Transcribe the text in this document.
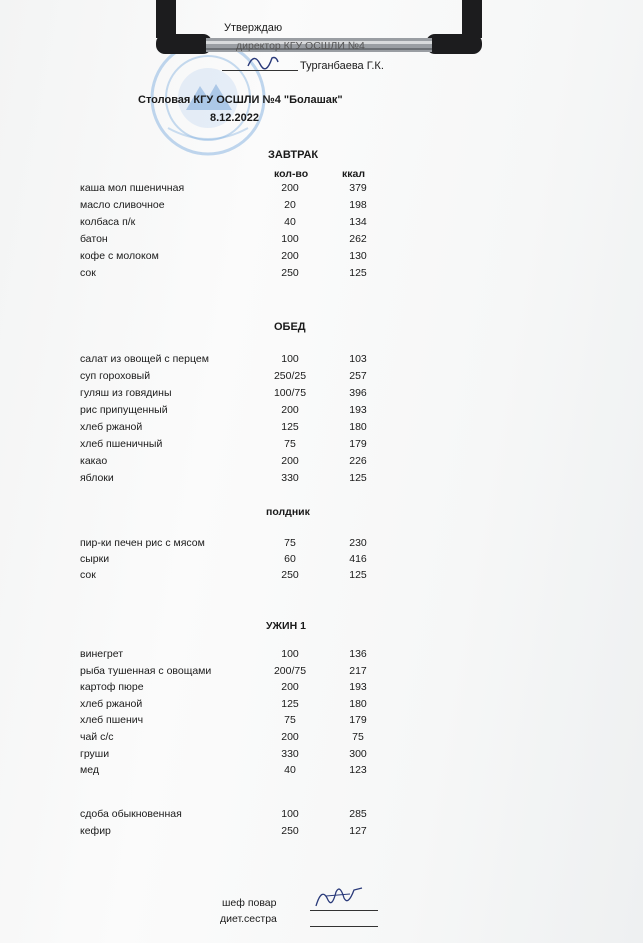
Утверждаю
директор КГУ ОСШЛИ №4
Турганбаева Г.К.
Столовая КГУ ОСШЛИ №4 "Болашак"
8.12.2022
ЗАВТРАК
кол-во	ккал
каша мол пшеничная	200	379
масло сливочное	20	198
колбаса п/к	40	134
батон	100	262
кофе с молоком	200	130
сок	250	125
ОБЕД
салат из овощей с перцем	100	103
суп гороховый	250/25	257
гуляш из говядины	100/75	396
рис припущенный	200	193
хлеб ржаной	125	180
хлеб пшеничный	75	179
какао	200	226
яблоки	330	125
полдник
пир-ки печен рис с мясом	75	230
сырки	60	416
сок	250	125
УЖИН 1
винегрет	100	136
рыба тушенная с овощами	200/75	217
картоф пюре	200	193
хлеб ржаной	125	180
хлеб пшенич	75	179
чай с/с	200	75
груши	330	300
мед	40	123
сдоба обыкновенная	100	285
кефир	250	127
шеф повар
диет.сестра
